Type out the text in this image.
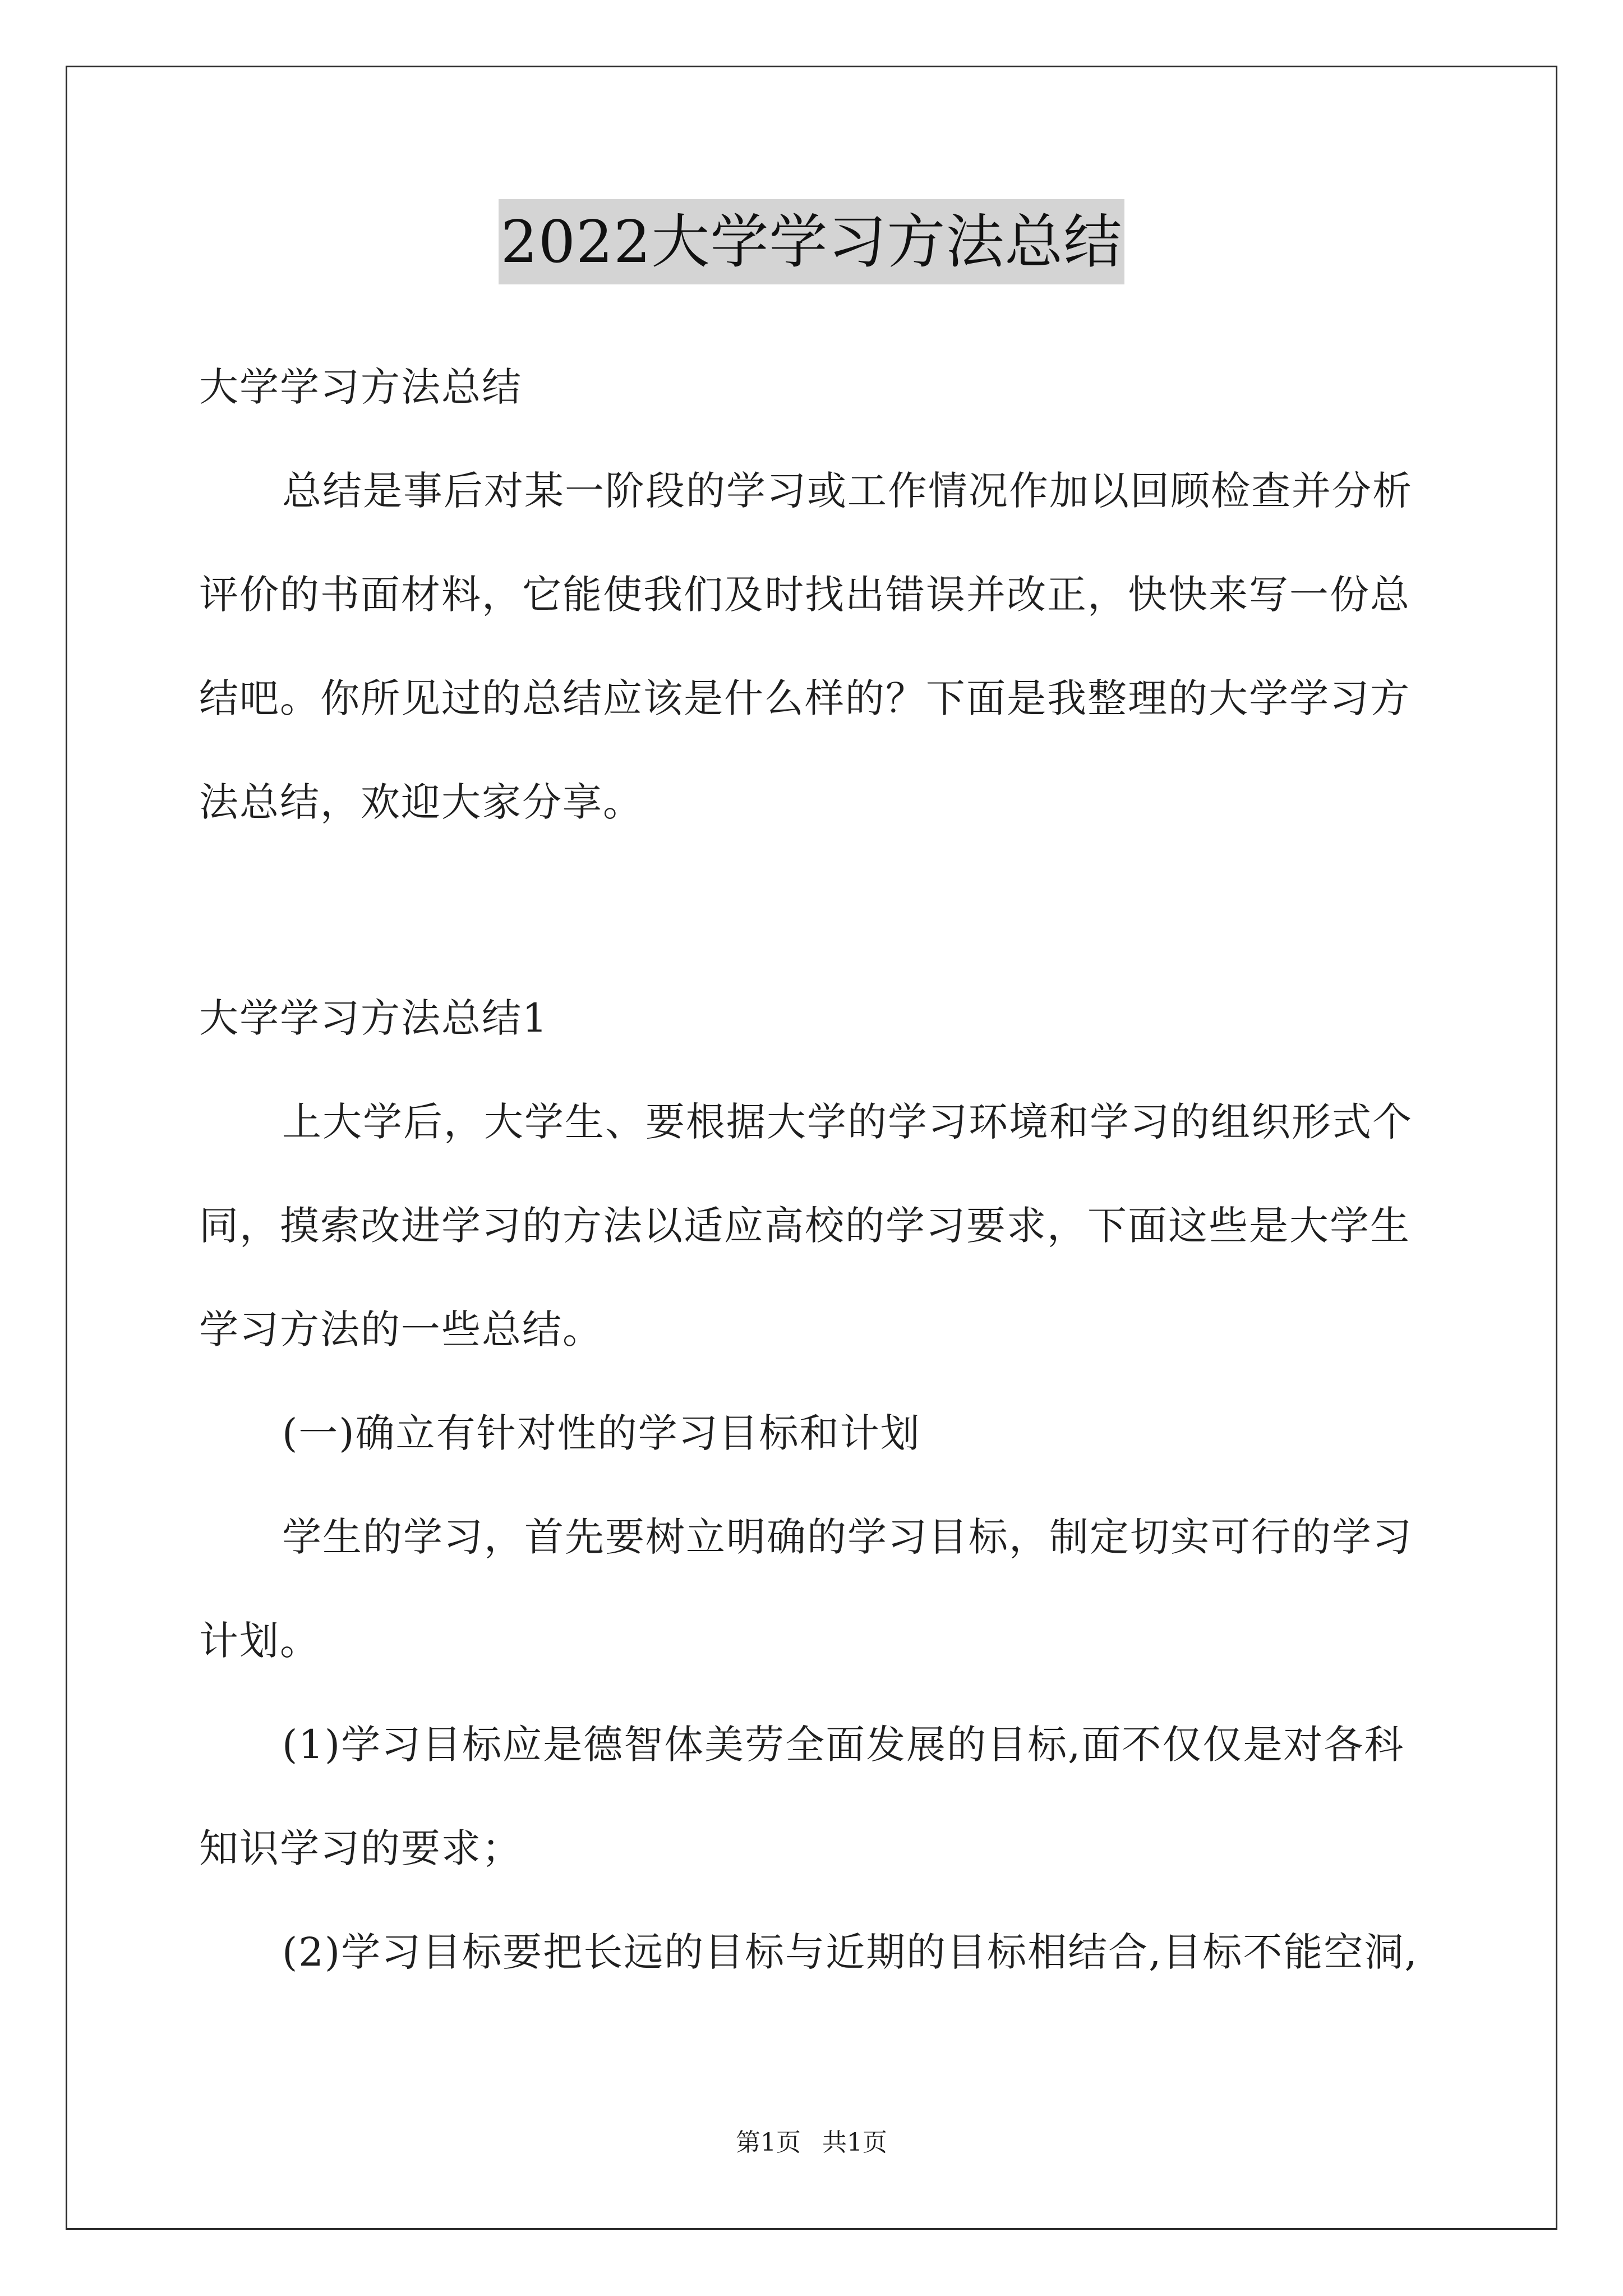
2022大学学习方法总结
大学学习方法总结
总结是事后对某一阶段的学习或工作情况作加以回顾检查并分析
评价的书面材料，它能使我们及时找出错误并改正，快快来写一份总
结吧。你所见过的总结应该是什么样的？下面是我整理的大学学习方
法总结，欢迎大家分享。
大学学习方法总结1
上大学后，大学生、要根据大学的学习环境和学习的组织形式个
同，摸索改进学习的方法以适应高校的学习要求，下面这些是大学生
学习方法的一些总结。
(一)确立有针对性的学习目标和计划
学生的学习，首先要树立明确的学习目标，制定切实可行的学习
计划。
(1)学习目标应是德智体美劳全面发展的目标,面不仅仅是对各科
知识学习的要求；
(2)学习目标要把长远的目标与近期的目标相结合,目标不能空洞,
第1页 共1页
